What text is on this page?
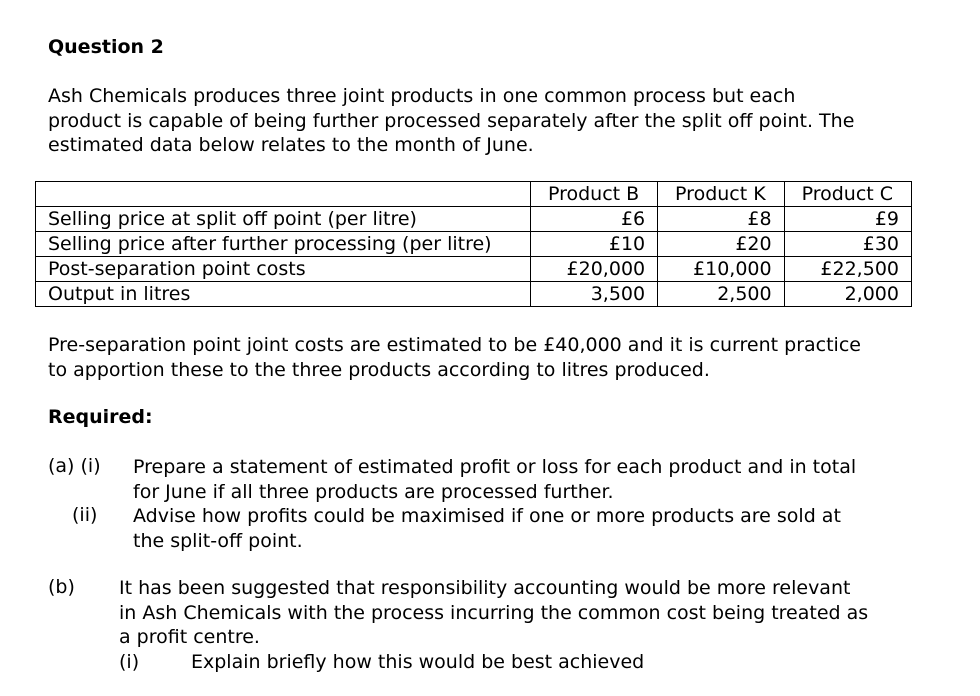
Question 2
Ash Chemicals produces three joint products in one common process but each
product is capable of being further processed separately after the split off point. The
estimated data below relates to the month of June.
	Product B	Product K	Product C
Selling price at split off point (per litre)	£6	£8	£9
Selling price after further processing (per litre)	£10	£20	£30
Post-separation point costs	£20,000	£10,000	£22,500
Output in litres	3,500	2,500	2,000
Pre-separation point joint costs are estimated to be £40,000 and it is current practice
to apportion these to the three products according to litres produced.
Required:
(a) (i) Prepare a statement of estimated profit or loss for each product and in total
for June if all three products are processed further.
(ii) Advise how profits could be maximised if one or more products are sold at
the split-off point.
(b) It has been suggested that responsibility accounting would be more relevant
in Ash Chemicals with the process incurring the common cost being treated as
a profit centre.
(i)	Explain briefly how this would be best achieved
